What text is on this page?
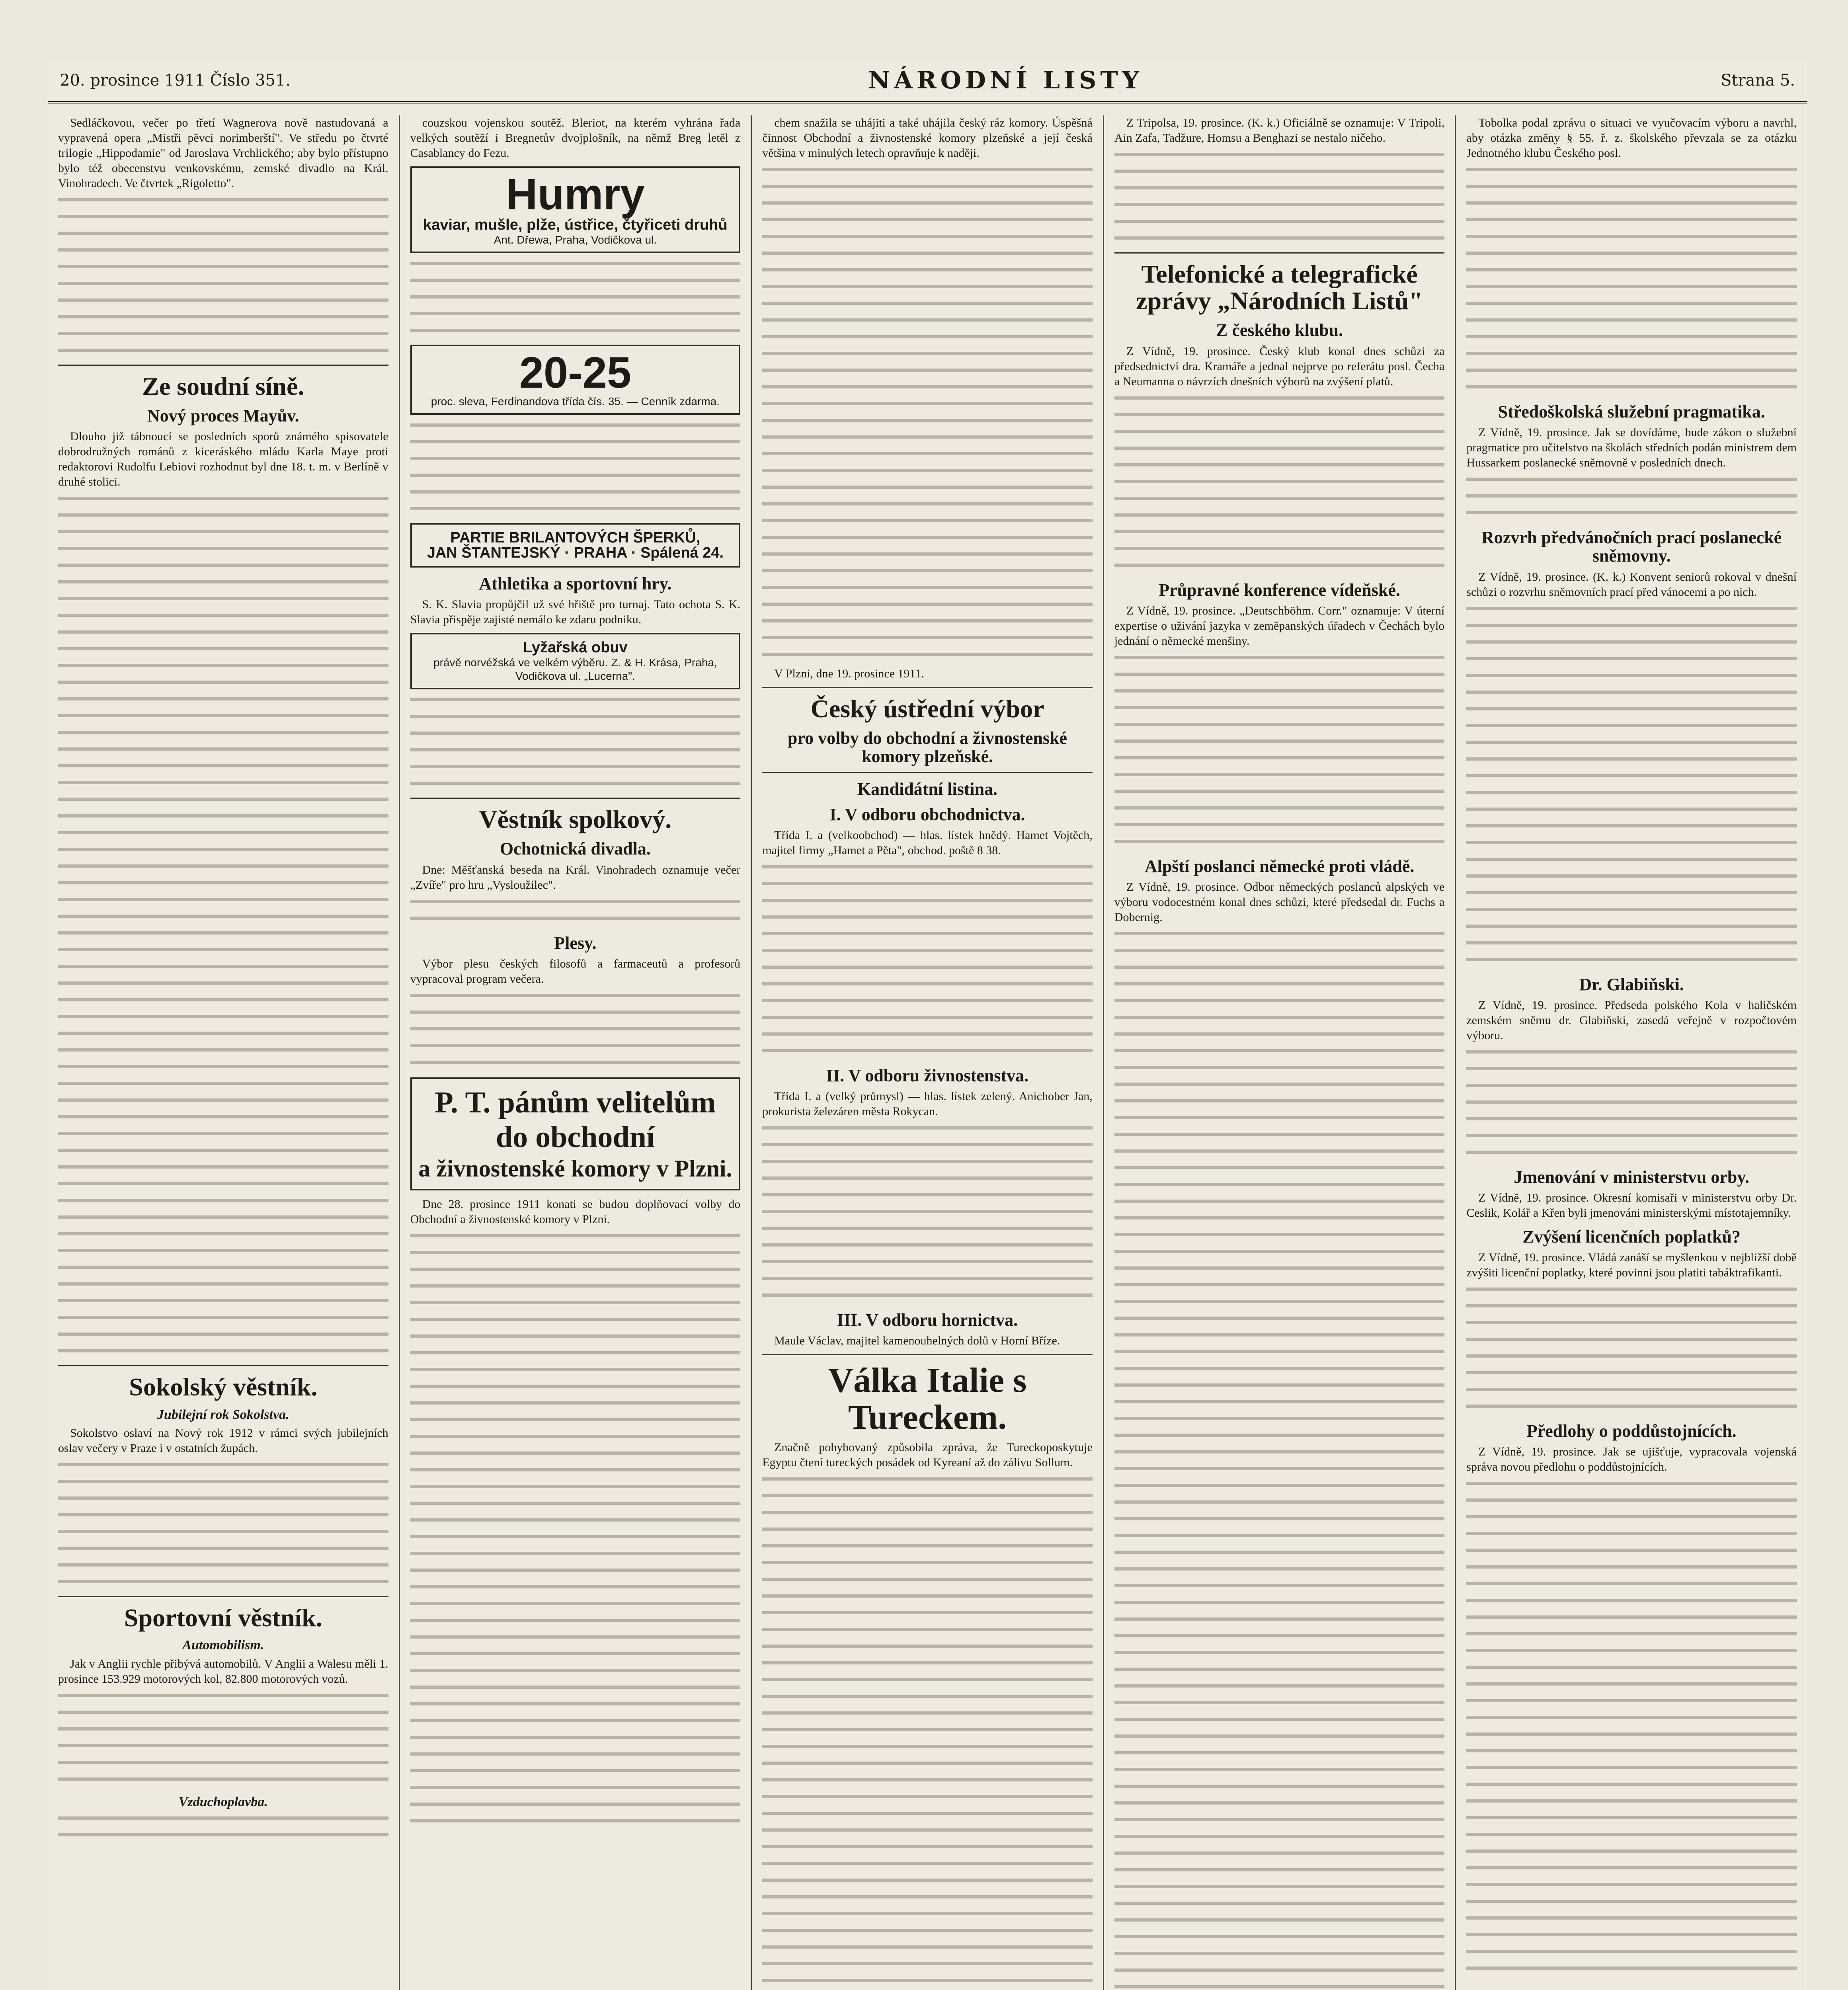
20. prosince 1911 Číslo 351.	NÁRODNÍ LISTY	Strana 5.

Sedláčkovou, večer po třetí Wagnerova nově nastudovaná a vypravená opera „Mistři pěvci norimberští". Ve středu po čtvrté trilogie „Hippodamie" od Jaroslava Vrchlického; aby bylo přístupno bylo též obecenstvu venkovskému, zemské divadlo na Král. Vinohradech. Ve čtvrtek „Rigoletto".

Ze soudní síně.
Nový proces Mayův.

Dlouho již tábnoucí se posledních sporů známého spisovatele dobrodružných románů z kiceráského mládu Karla Maye proti redaktorovi Rudolfu Lebiovi rozhodnut byl dne 18. t. m. v Berlíně v druhé stolici.

Sokolský věstník.
Jubilejní rok Sokolstva.

Sokolstvo oslaví na Nový rok 1912 v rámci svých jubilejních oslav večery v Praze i v ostatních župách.

Sportovní věstník.
Automobilism.

Jak v Anglii rychle přibývá automobilů. V Anglii a Walesu měli 1. prosince 153.929 motorových kol, 82.800 motorových vozů.

Vzduchoplavba.

couzskou vojenskou soutěž. Bleriot, na kterém vyhrána řada velkých soutěží i Bregnetův dvojplošník, na němž Breg letěl z Casablancy do Fezu.

Humry
kaviar, mušle, plže, ústřice, čtyřiceti druhů
Ant. Dřewa, Praha, Vodičkova ul.
20-25
proc. sleva, Ferdinandova třída čís. 35. — Cenník zdarma.
PARTIE BRILANTOVÝCH ŠPERKŮ,
JAN ŠTANTEJSKÝ · PRAHA · Spálená 24.
Athletika a sportovní hry.

S. K. Slavia propůjčil už své hřiště pro turnaj. Tato ochota S. K. Slavia přispěje zajisté nemálo ke zdaru podniku.

Lyžařská obuv
právě norvéžská ve velkém výběru. Z. & H. Krása, Praha, Vodičkova ul. „Lucerna".
Věstník spolkový.
Ochotnická divadla.

Dne: Měšťanská beseda na Král. Vinohradech oznamuje večer „Zvíře" pro hru „Vysloužilec".

Plesy.

Výbor plesu českých filosofů a farmaceutů a profesorů vypracoval program večera.

P. T. pánům velitelům do obchodní
a živnostenské komory v Plzni.

Dne 28. prosince 1911 konati se budou doplňovací volby do Obchodní a živnostenské komory v Plzni.

chem snažila se uhájiti a také uhájila český ráz komory. Úspěšná činnost Obchodní a živnostenské komory plzeňské a její česká většina v minulých letech opravňuje k naději.

V Plzni, dne 19. prosince 1911.

Český ústřední výbor
pro volby do obchodní a živnostenské komory plzeňské.
Kandidátní listina.
I. V odboru obchodnictva.

Třída I. a (velkoobchod) — hlas. lístek hnědý. Hamet Vojtěch, majitel firmy „Hamet a Pěta", obchod. poště 8 38.

II. V odboru živnostenstva.

Třída I. a (velký průmysl) — hlas. lístek zelený. Anichober Jan, prokurista železáren města Rokycan.

III. V odboru hornictva.

Maule Václav, majitel kamenouhelných dolů v Horní Bříze.

Válka Italie s Tureckem.

Značně pohybovaný způsobila zpráva, že Tureckoposkytuje Egyptu čtení tureckých posádek od Kyreaní až do zálivu Sollum.

Z Tripolsa, 19. prosince. (K. k.) Oficiálně se oznamuje: V Tripoli, Ain Zafa, Tadžure, Homsu a Benghazi se nestalo ničeho.

Telefonické a telegrafické zprávy „Národních Listů"
Z českého klubu.

Z Vídně, 19. prosince. Český klub konal dnes schůzi za předsednictví dra. Kramáře a jednal nejprve po referátu posl. Čecha a Neumanna o návrzích dnešních výborů na zvýšení platů.

Průpravné konference vídeňské.

Z Vídně, 19. prosince. „Deutschböhm. Corr." oznamuje: V úterní expertise o uživání jazyka v zeměpanských úřadech v Čechách bylo jednání o německé menšiny.

Alpští poslanci německé proti vládě.

Z Vídně, 19. prosince. Odbor německých poslanců alpských ve výboru vodocestném konal dnes schůzi, které předsedal dr. Fuchs a Dobernig.

Tobolka podal zprávu o situaci ve vyučovacím výboru a navrhl, aby otázka změny § 55. ř. z. školského převzala se za otázku Jednotného klubu Českého posl.

Středoškolská služební pragmatika.

Z Vídně, 19. prosince. Jak se dovídáme, bude zákon o služební pragmatice pro učitelstvo na školách středních podán ministrem dem Hussarkem poslanecké sněmovně v posledních dnech.

Rozvrh předvánočních prací poslanecké sněmovny.

Z Vídně, 19. prosince. (K. k.) Konvent seniorů rokoval v dnešní schůzi o rozvrhu sněmovních prací před vánocemi a po nich.

Dr. Glabiňski.

Z Vídně, 19. prosince. Předseda polského Kola v haličském zemském sněmu dr. Glabiňski, zasedá veřejně v rozpočtovém výboru.

Jmenování v ministerstvu orby.

Z Vídně, 19. prosince. Okresní komisaři v ministerstvu orby Dr. Ceslik, Kolář a Křen byli jmenováni ministerskými místotajemníky.

Zvýšení licenčních poplatků?

Z Vídně, 19. prosince. Vládá zanáší se myšlenkou v nejbližší době zvýšiti licenční poplatky, které povinni jsou platiti tabáktrafikanti.

Předlohy o poddůstojnících.

Z Vídně, 19. prosince. Jak se ujišťuje, vypracovala vojenská správa novou předlohu o poddůstojnících.
